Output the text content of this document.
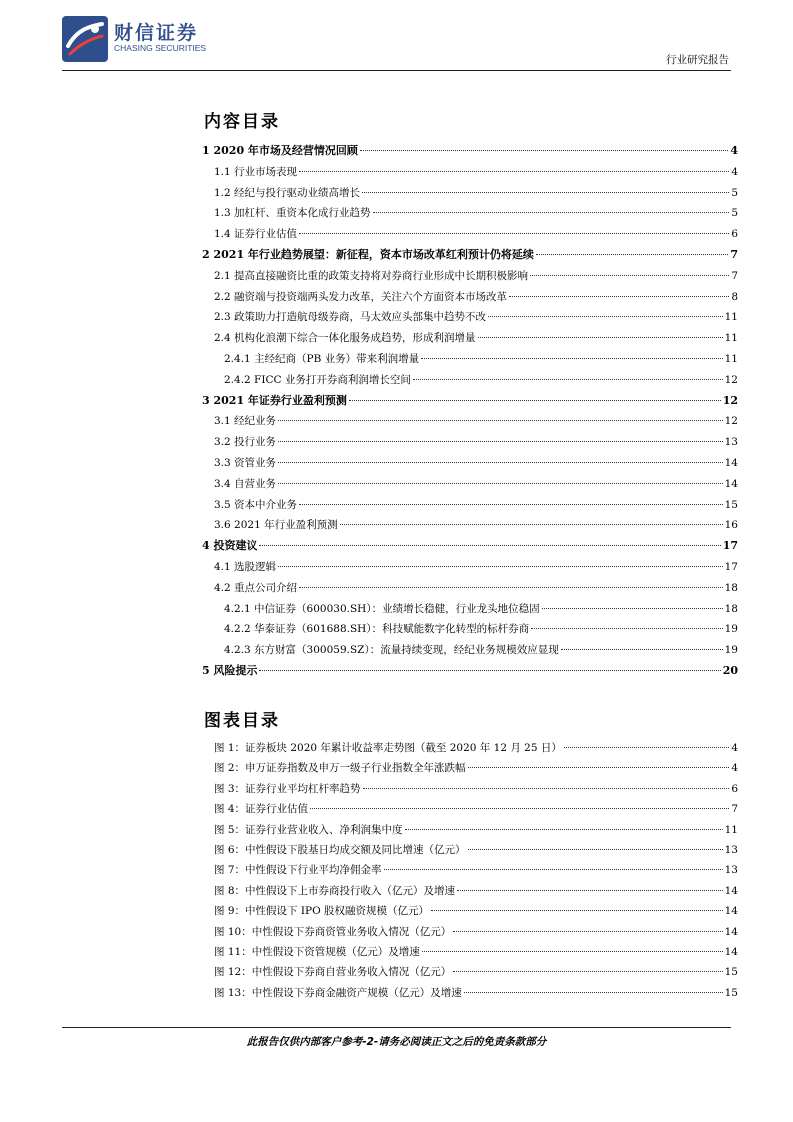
财信证券
CHASING SECURITIES
行业研究报告
内容目录
1 2020 年市场及经营情况回顾	4
1.1 行业市场表现	4
1.2 经纪与投行驱动业绩高增长	5
1.3 加杠杆、重资本化成行业趋势	5
1.4 证券行业估值	6
2 2021 年行业趋势展望：新征程，资本市场改革红利预计仍将延续	7
2.1 提高直接融资比重的政策支持将对券商行业形成中长期积极影响	7
2.2 融资端与投资端两头发力改革，关注六个方面资本市场改革	8
2.3 政策助力打造航母级券商，马太效应头部集中趋势不改	11
2.4 机构化浪潮下综合一体化服务成趋势，形成利润增量	11
2.4.1 主经纪商（PB 业务）带来利润增量	11
2.4.2 FICC 业务打开券商利润增长空间	12
3 2021 年证券行业盈利预测	12
3.1 经纪业务	12
3.2 投行业务	13
3.3 资管业务	14
3.4 自营业务	14
3.5 资本中介业务	15
3.6 2021 年行业盈利预测	16
4 投资建议	17
4.1 选股逻辑	17
4.2 重点公司介绍	18
4.2.1 中信证券（600030.SH）：业绩增长稳健，行业龙头地位稳固	18
4.2.2 华泰证券（601688.SH）：科技赋能数字化转型的标杆券商	19
4.2.3 东方财富（300059.SZ）：流量持续变现，经纪业务规模效应显现	19
5 风险提示	20
图表目录
图 1：证券板块 2020 年累计收益率走势图（截至 2020 年 12 月 25 日）	4
图 2：申万证券指数及申万一级子行业指数全年涨跌幅	4
图 3：证券行业平均杠杆率趋势	6
图 4：证券行业估值	7
图 5：证券行业营业收入、净利润集中度	11
图 6：中性假设下股基日均成交额及同比增速（亿元）	13
图 7：中性假设下行业平均净佣金率	13
图 8：中性假设下上市券商投行收入（亿元）及增速	14
图 9：中性假设下 IPO 股权融资规模（亿元）	14
图 10：中性假设下券商资管业务收入情况（亿元）	14
图 11：中性假设下资管规模（亿元）及增速	14
图 12：中性假设下券商自营业务收入情况（亿元）	15
图 13：中性假设下券商金融资产规模（亿元）及增速	15
此报告仅供内部客户参考-2-请务必阅读正文之后的免责条款部分
